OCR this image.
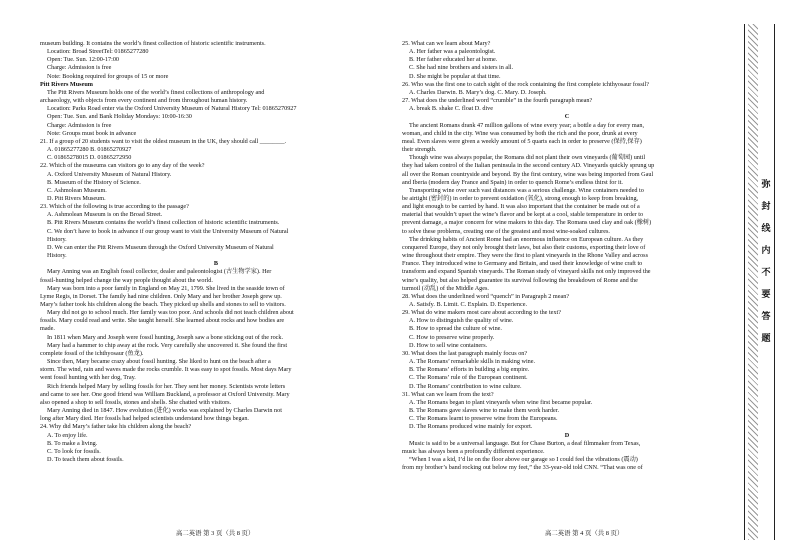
museum building. It contains the world’s finest collection of historic scientific instruments.
Location: Broad StreetTel: 01865277280
Open: Tue. Sun. 12:00-17:00
Charge: Admission is free
Note: Booking required for groups of 15 or more
Pitt Rivers Museum
The Pitt Rivers Museum holds one of the world’s finest collections of anthropology and
archaeology, with objects from every continent and from throughout human history.
Location: Parks Road enter via the Oxford University Museum of Natural History Tel: 01865270927
Open: Tue. Sun. and Bank Holiday Mondays: 10:00-16:30
Charge: Admission is free
Note: Groups must book in advance
21. If a group of 20 students want to visit the oldest museum in the UK, they should call ________.
A. 01865277280 B. 01865270927
C. 01865278015 D. 01865272950
22. Which of the museums can visitors go to any day of the week?
A. Oxford University Museum of Natural History.
B. Museum of the History of Science.
C. Ashmolean Museum.
D. Pitt Rivers Museum.
23. Which of the following is true according to the passage?
A. Ashmolean Museum is on the Broad Street.
B. Pitt Rivers Museum contains the world’s finest collection of historic scientific instruments.
C. We don’t have to book in advance if our group want to visit the University Museum of Natural
History.
D. We can enter the Pitt Rivers Museum through the Oxford University Museum of Natural
History.
B
Mary Anning was an English fossil collector, dealer and paleontologist (古生物学家). Her
fossil-hunting helped change the way people thought about the world.
Mary was born into a poor family in England on May 21, 1799. She lived in the seaside town of
Lyme Regis, in Dorset. The family had nine children. Only Mary and her brother Joseph grew up.
Mary’s father took his children along the beach. They picked up shells and stones to sell to visitors.
Mary did not go to school much. Her family was too poor. And schools did not teach children about
fossils. Mary could read and write. She taught herself. She learned about rocks and how bodies are
made.
In 1811 when Mary and Joseph were fossil hunting, Joseph saw a bone sticking out of the rock.
Mary had a hammer to chip away at the rock. Very carefully she uncovered it. She found the first
complete fossil of the ichthyosaur (鱼龙).
Since then, Mary became crazy about fossil hunting. She liked to hunt on the beach after a
storm. The wind, rain and waves made the rocks crumble. It was easy to spot fossils. Most days Mary
went fossil hunting with her dog, Tray.
Rich friends helped Mary by selling fossils for her. They sent her money. Scientists wrote letters
and came to see her. One good friend was William Buckland, a professor at Oxford University. Mary
also opened a shop to sell fossils, stones and shells. She chatted with visitors.
Mary Anning died in 1847. How evolution (进化) works was explained by Charles Darwin not
long after Mary died. Her fossils had helped scientists understand how things began.
24. Why did Mary’s father take his children along the beach?
A. To enjoy life.
B. To make a living.
C. To look for fossils.
D. To teach them about fossils.
25. What can we learn about Mary?
A. Her father was a paleontologist.
B. Her father educated her at home.
C. She had nine brothers and sisters in all.
D. She might be popular at that time.
26. Who was the first one to catch sight of the rock containing the first complete ichthyosaur fossil?
A. Charles Darwin. B. Mary’s dog. C. Mary. D. Joseph.
27. What does the underlined word “crumble” in the fourth paragraph mean?
A. break B. shake C. float D. dive
C
The ancient Romans drank 47 million gallons of wine every year; a bottle a day for every man,
woman, and child in the city. Wine was consumed by both the rich and the poor, drunk at every
meal. Even slaves were given a weekly amount of 5 quarts each in order to preserve (保持,保存)
their strength.
Though wine was always popular, the Romans did not plant their own vineyards (葡萄园) until
they had taken control of the Italian peninsula in the second century AD. Vineyards quickly sprung up
all over the Roman countryside and beyond. By the first century, wine was being imported from Gaul
and Iberia (modern day France and Spain) in order to quench Rome’s endless thirst for it.
Transporting wine over such vast distances was a serious challenge. Wine containers needed to
be airtight (密封的) in order to prevent oxidation (氧化), strong enough to keep from breaking,
and light enough to be carried by hand. It was also important that the container be made out of a
material that wouldn’t upset the wine’s flavor and be kept at a cool, stable temperature in order to
prevent damage, a major concern for wine makers to this day. The Romans used clay and oak (橡树)
to solve these problems, creating one of the greatest and most wine-soaked cultures.
The drinking habits of Ancient Rome had an enormous influence on European culture. As they
conquered Europe, they not only brought their laws, but also their customs, exporting their love of
wine throughout their empire. They were the first to plant vineyards in the Rhone Valley and across
France. They introduced wine to Germany and Britain, and used their knowledge of wine craft to
transform and expand Spanish vineyards. The Roman study of vineyard skills not only improved the
wine’s quality, but also helped guarantee its survival following the breakdown of Rome and the
turmoil (动乱) of the Middle Ages.
28. What does the underlined word “quench” in Paragraph 2 mean?
A. Satisfy. B. Limit. C. Explain. D. Experience.
29. What do wine makers most care about according to the text?
A. How to distinguish the quality of wine.
B. How to spread the culture of wine.
C. How to preserve wine properly.
D. How to sell wine containers.
30. What does the last paragraph mainly focus on?
A. The Romans’ remarkable skills in making wine.
B. The Romans’ efforts in building a big empire.
C. The Romans’ rule of the European continent.
D. The Romans’ contribution to wine culture.
31. What can we learn from the text?
A. The Romans began to plant vineyards when wine first became popular.
B. The Romans gave slaves wine to make them work harder.
C. The Romans learnt to preserve wine from the Europeans.
D. The Romans produced wine mainly for export.
D
Music is said to be a universal language. But for Chase Burton, a deaf filmmaker from Texas,
music has always been a profoundly different experience.
“When I was a kid, I’d lie on the floor above our garage so I could feel the vibrations (震动)
from my brother’s band rocking out below my feet,” the 33-year-old told CNN. “That was one of
高二英语 第 3 页（共 8 页）	高二英语 第 4 页（共 8 页）
弥
封
线
内
不
要
答
题
